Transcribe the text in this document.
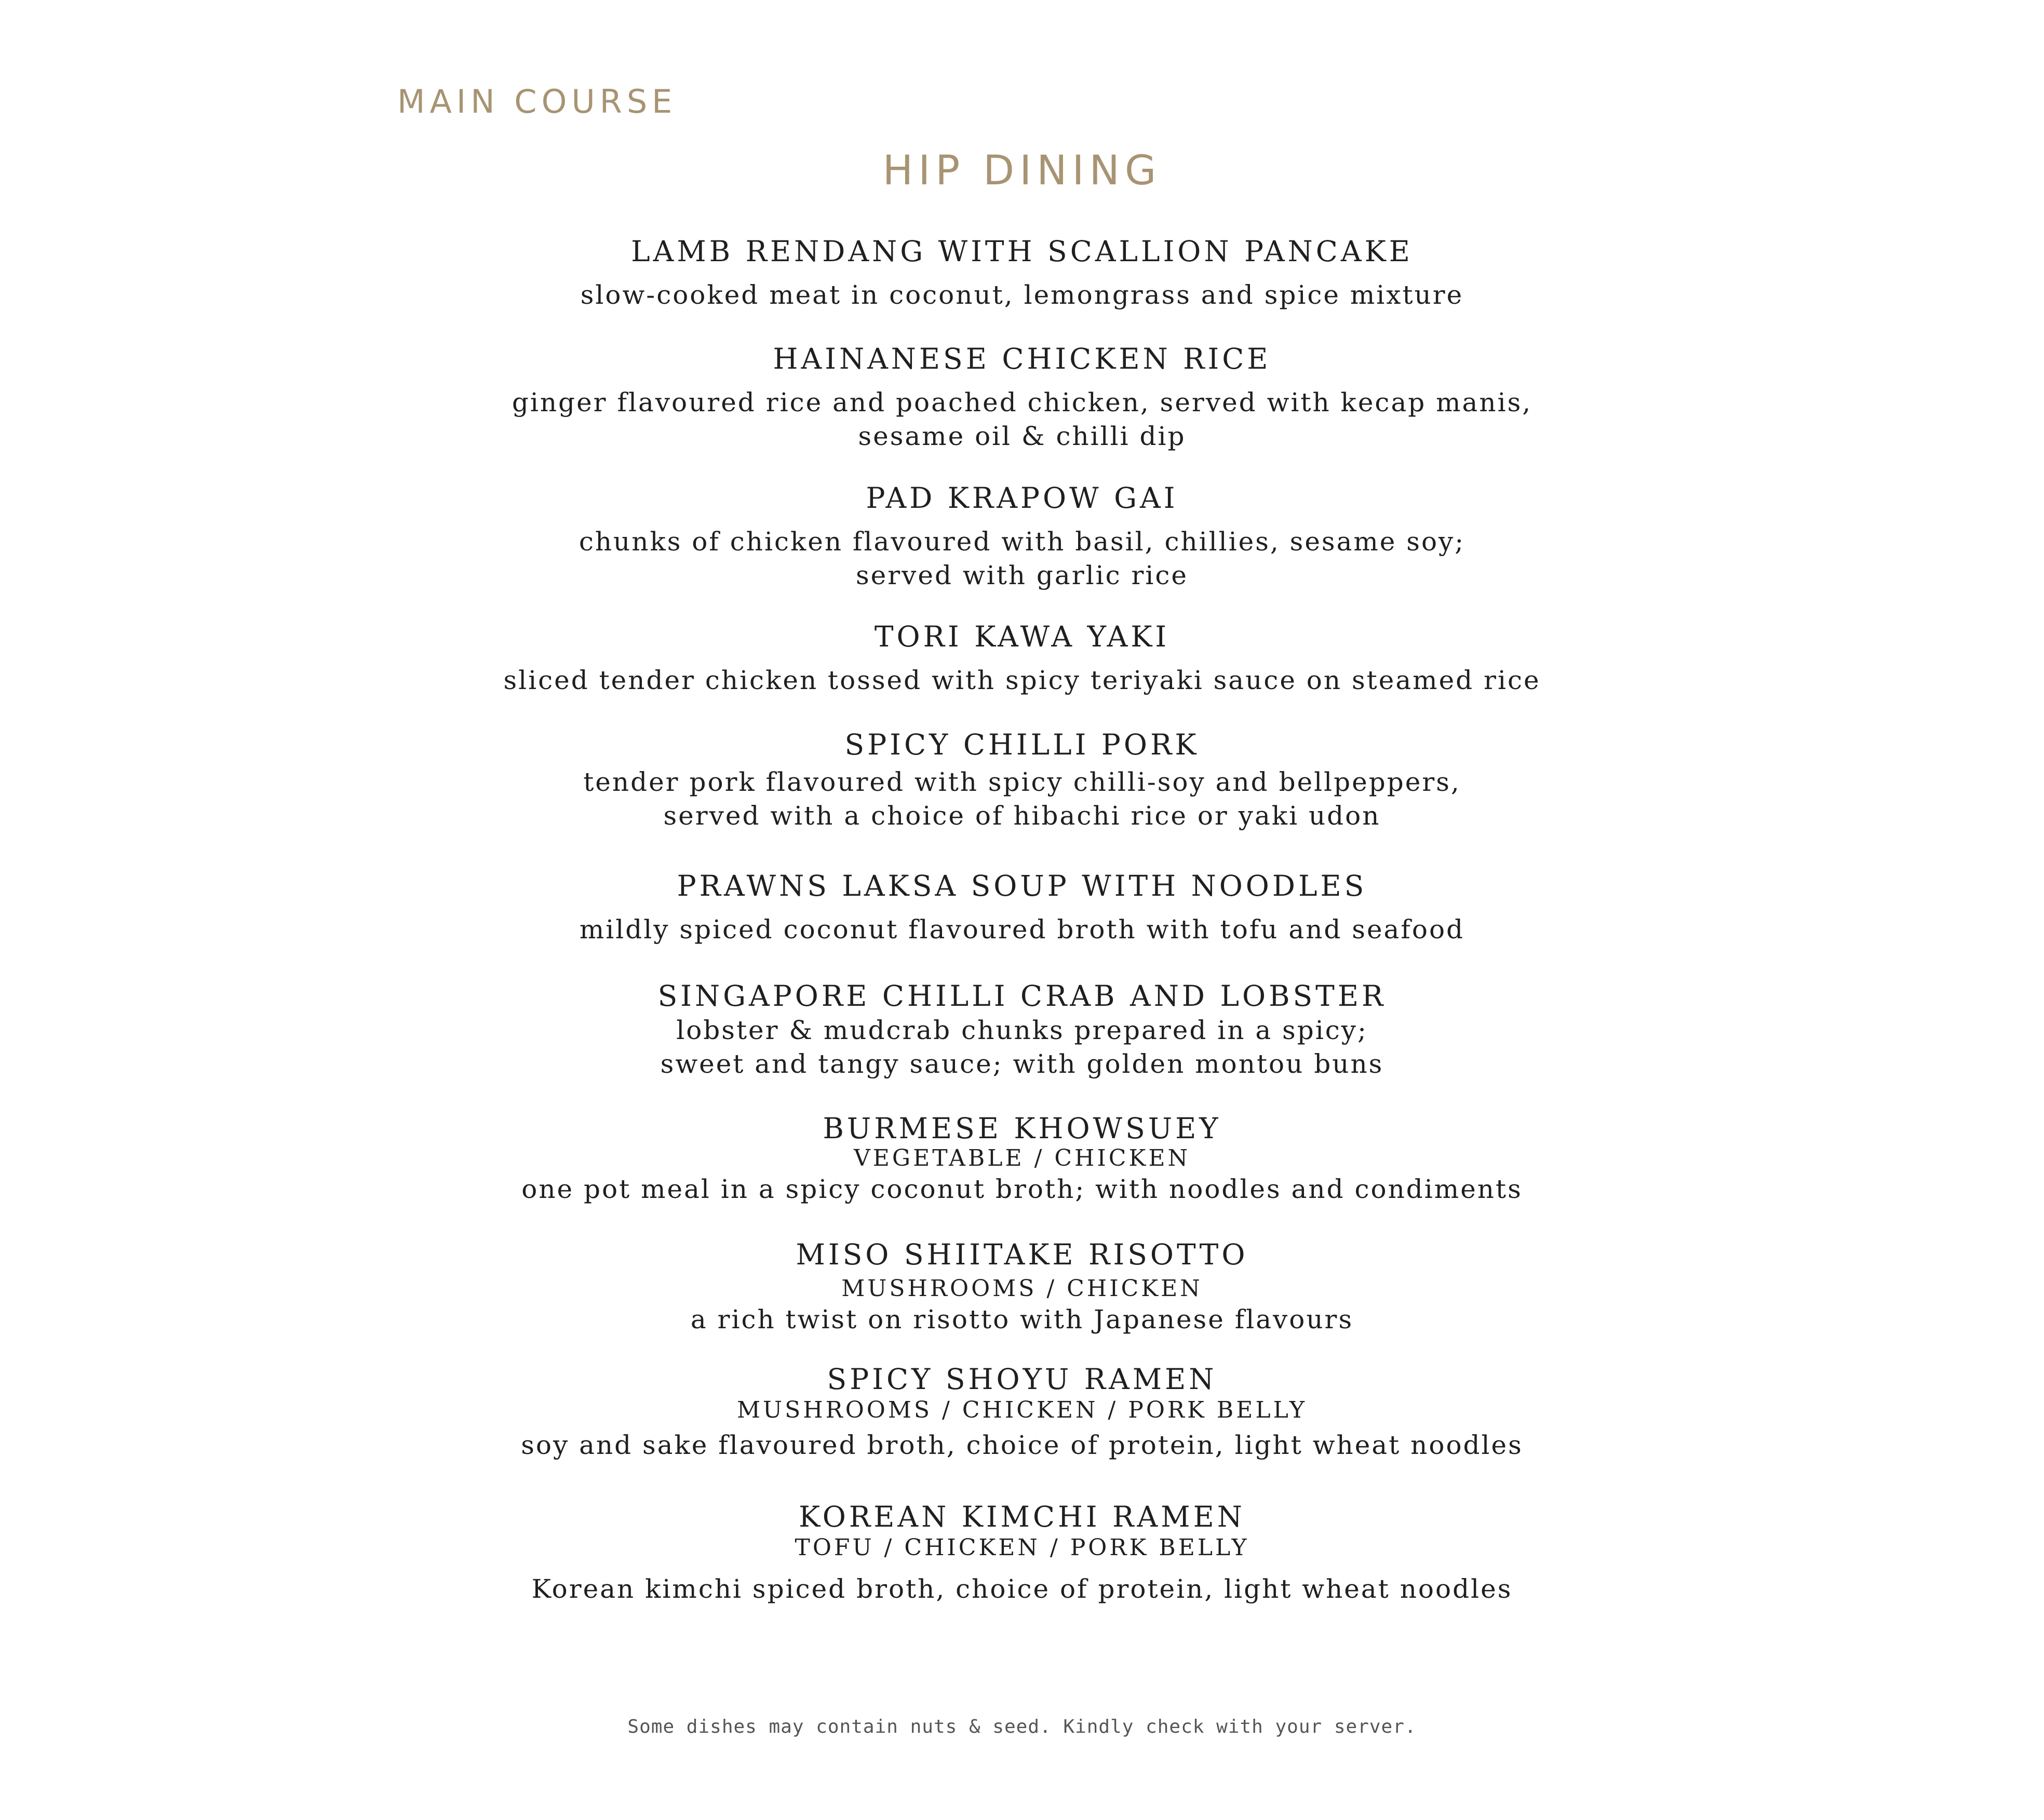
MAIN COURSE
HIP DINING
LAMB RENDANG WITH SCALLION PANCAKE
slow-cooked meat in coconut, lemongrass and spice mixture
HAINANESE CHICKEN RICE
ginger flavoured rice and poached chicken, served with kecap manis,
sesame oil & chilli dip
PAD KRAPOW GAI
chunks of chicken flavoured with basil, chillies, sesame soy;
served with garlic rice
TORI KAWA YAKI
sliced tender chicken tossed with spicy teriyaki sauce on steamed rice
SPICY CHILLI PORK
tender pork flavoured with spicy chilli-soy and bellpeppers,
served with a choice of hibachi rice or yaki udon
PRAWNS LAKSA SOUP WITH NOODLES
mildly spiced coconut flavoured broth with tofu and seafood
SINGAPORE CHILLI CRAB AND LOBSTER
lobster & mudcrab chunks prepared in a spicy;
sweet and tangy sauce; with golden montou buns
BURMESE KHOWSUEY
VEGETABLE / CHICKEN
one pot meal in a spicy coconut broth; with noodles and condiments
MISO SHIITAKE RISOTTO
MUSHROOMS / CHICKEN
a rich twist on risotto with Japanese flavours
SPICY SHOYU RAMEN
MUSHROOMS / CHICKEN / PORK BELLY
soy and sake flavoured broth, choice of protein, light wheat noodles
KOREAN KIMCHI RAMEN
TOFU / CHICKEN / PORK BELLY
Korean kimchi spiced broth, choice of protein, light wheat noodles
Some dishes may contain nuts & seed. Kindly check with your server.
